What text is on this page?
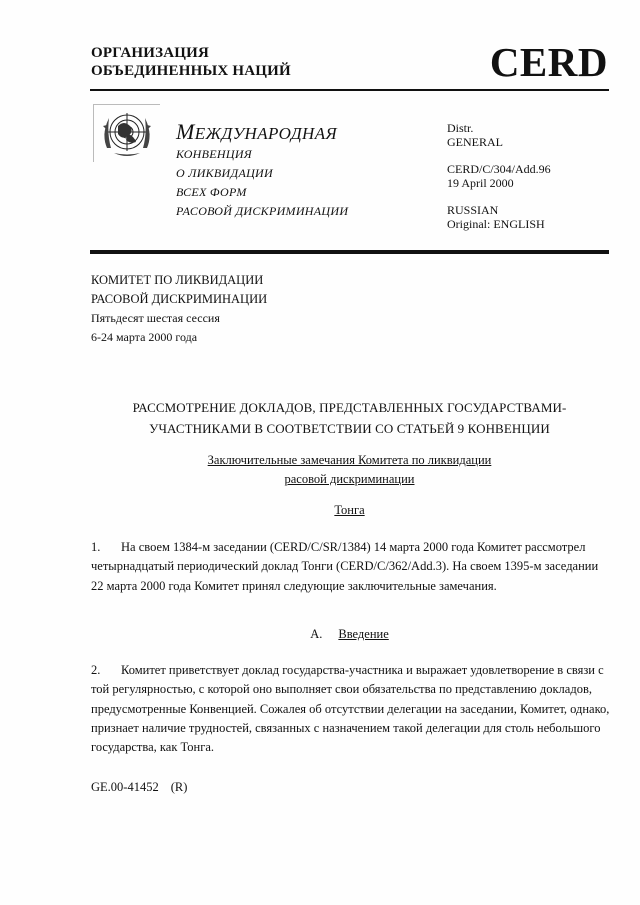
ОРГАНИЗАЦИЯ
ОБЪЕДИНЕННЫХ НАЦИЙ	CERD
МЕЖДУНАРОДНАЯ
КОНВЕНЦИЯ
О ЛИКВИДАЦИИ
ВСЕХ ФОРМ
РАСОВОЙ ДИСКРИМИНАЦИИ
Distr.
GENERAL
CERD/C/304/Add.96
19 April 2000
RUSSIAN
Original: ENGLISH
КОМИТЕТ ПО ЛИКВИДАЦИИ
РАСОВОЙ ДИСКРИМИНАЦИИ
Пятьдесят шестая сессия
6-24 марта 2000 года
РАССМОТРЕНИЕ ДОКЛАДОВ, ПРЕДСТАВЛЕННЫХ ГОСУДАРСТВАМИ-
УЧАСТНИКАМИ В СООТВЕТСТВИИ СО СТАТЬЕЙ 9 КОНВЕНЦИИ
Заключительные замечания Комитета по ликвидации
расовой дискриминации
Тонга
1. На своем 1384-м заседании (CERD/C/SR/1384) 14 марта 2000 года Комитет рассмотрел четырнадцатый периодический доклад Тонги (CERD/C/362/Add.3). На своем 1395-м заседании 22 марта 2000 года Комитет принял следующие заключительные замечания.
A. Введение
2. Комитет приветствует доклад государства-участника и выражает удовлетворение в связи с той регулярностью, с которой оно выполняет свои обязательства по представлению докладов, предусмотренные Конвенцией. Сожалея об отсутствии делегации на заседании, Комитет, однако, признает наличие трудностей, связанных с назначением такой делегации для столь небольшого государства, как Тонга.
GE.00-41452 (R)
